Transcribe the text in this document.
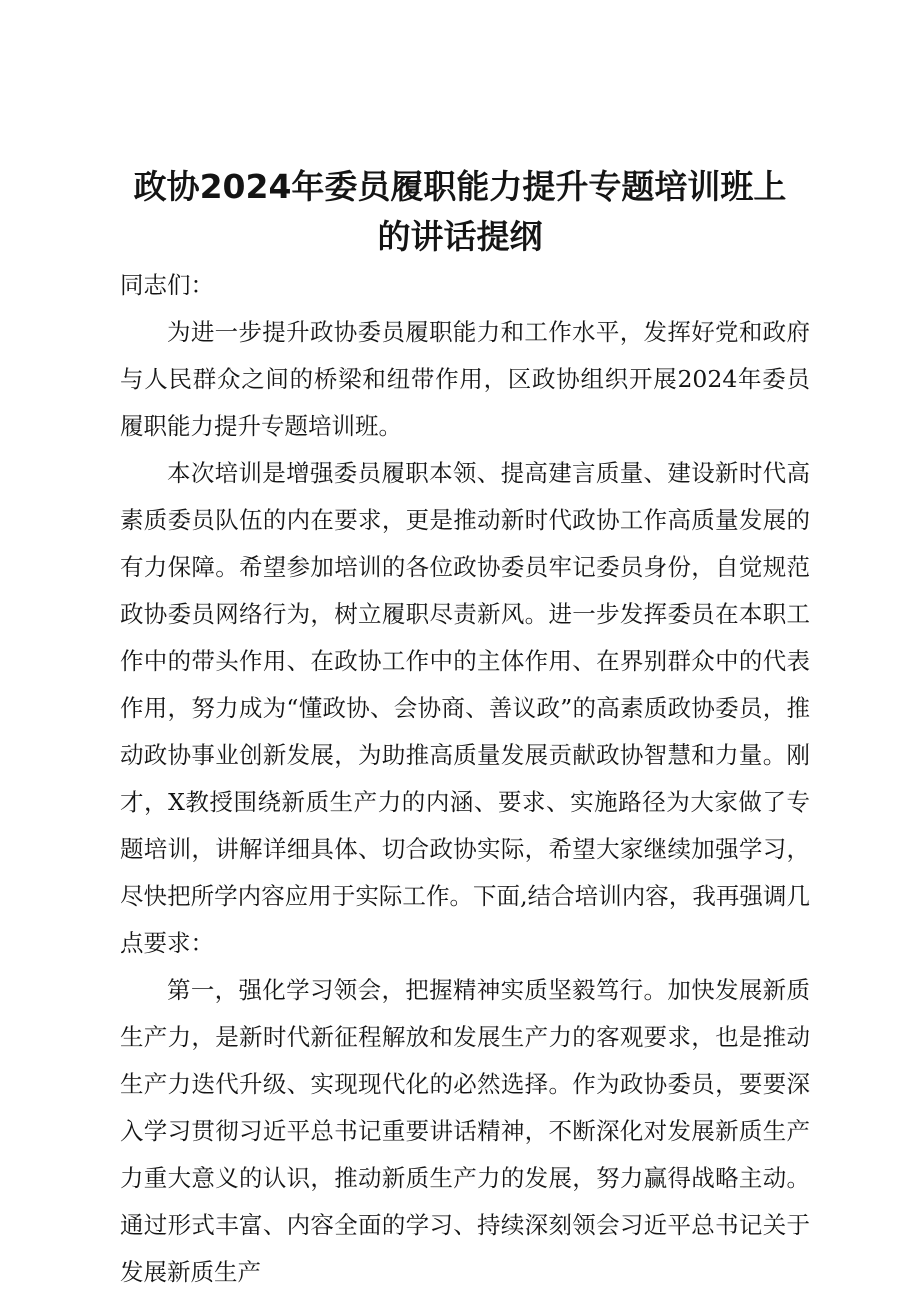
政协2024年委员履职能力提升专题培训班上
的讲话提纲

同志们：

为进一步提升政协委员履职能力和工作水平，发挥好党和政府与人民群众之间的桥梁和纽带作用，区政协组织开展2024年委员履职能力提升专题培训班。

本次培训是增强委员履职本领、提高建言质量、建设新时代高素质委员队伍的内在要求，更是推动新时代政协工作高质量发展的有力保障。希望参加培训的各位政协委员牢记委员身份，自觉规范政协委员网络行为，树立履职尽责新风。进一步发挥委员在本职工作中的带头作用、在政协工作中的主体作用、在界别群众中的代表作用，努力成为“懂政协、会协商、善议政”的高素质政协委员，推动政协事业创新发展，为助推高质量发展贡献政协智慧和力量。刚才，X教授围绕新质生产力的内涵、要求、实施路径为大家做了专题培训，讲解详细具体、切合政协实际，希望大家继续加强学习，尽快把所学内容应用于实际工作。下面,结合培训内容，我再强调几点要求：

第一，强化学习领会，把握精神实质坚毅笃行。加快发展新质生产力，是新时代新征程解放和发展生产力的客观要求，也是推动生产力迭代升级、实现现代化的必然选择。作为政协委员，要要深入学习贯彻习近平总书记重要讲话精神，不断深化对发展新质生产力重大意义的认识，推动新质生产力的发展，努力赢得战略主动。通过形式丰富、内容全面的学习、持续深刻领会习近平总书记关于发展新质生产
